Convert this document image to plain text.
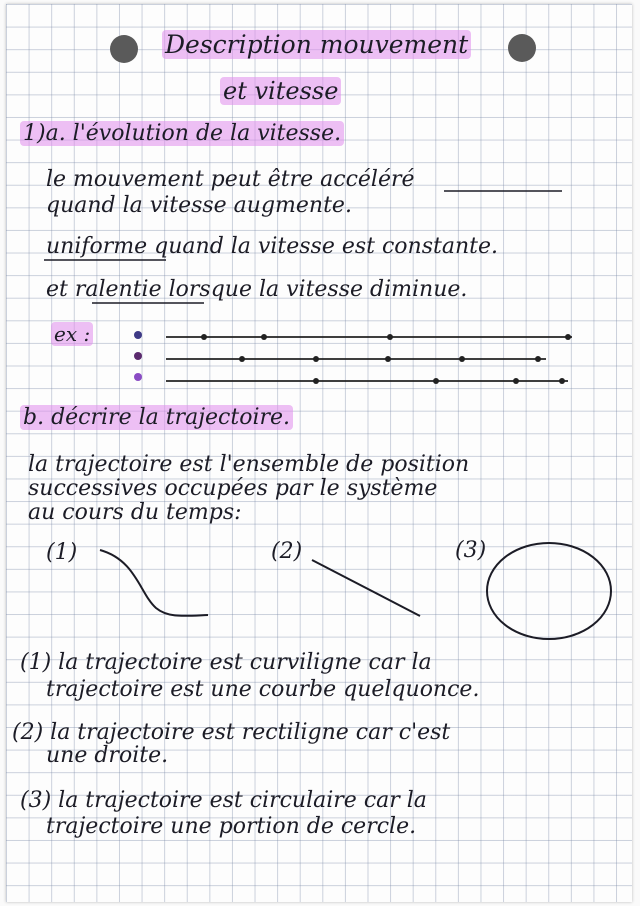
Description mouvement
et vitesse
1)a. l'évolution de la vitesse.
le mouvement peut être accéléré
quand la vitesse augmente.
uniforme quand la vitesse est constante.
et ralentie lorsque la vitesse diminue.
ex :
b. décrire la trajectoire.
la trajectoire est l'ensemble de position
successives occupées par le système
au cours du temps:
(1)	(2)	(3)
(1) la trajectoire est curviligne car la
trajectoire est une courbe quelquonce.
(2) la trajectoire est rectiligne car c'est
une droite.
(3) la trajectoire est circulaire car la
trajectoire une portion de cercle.
